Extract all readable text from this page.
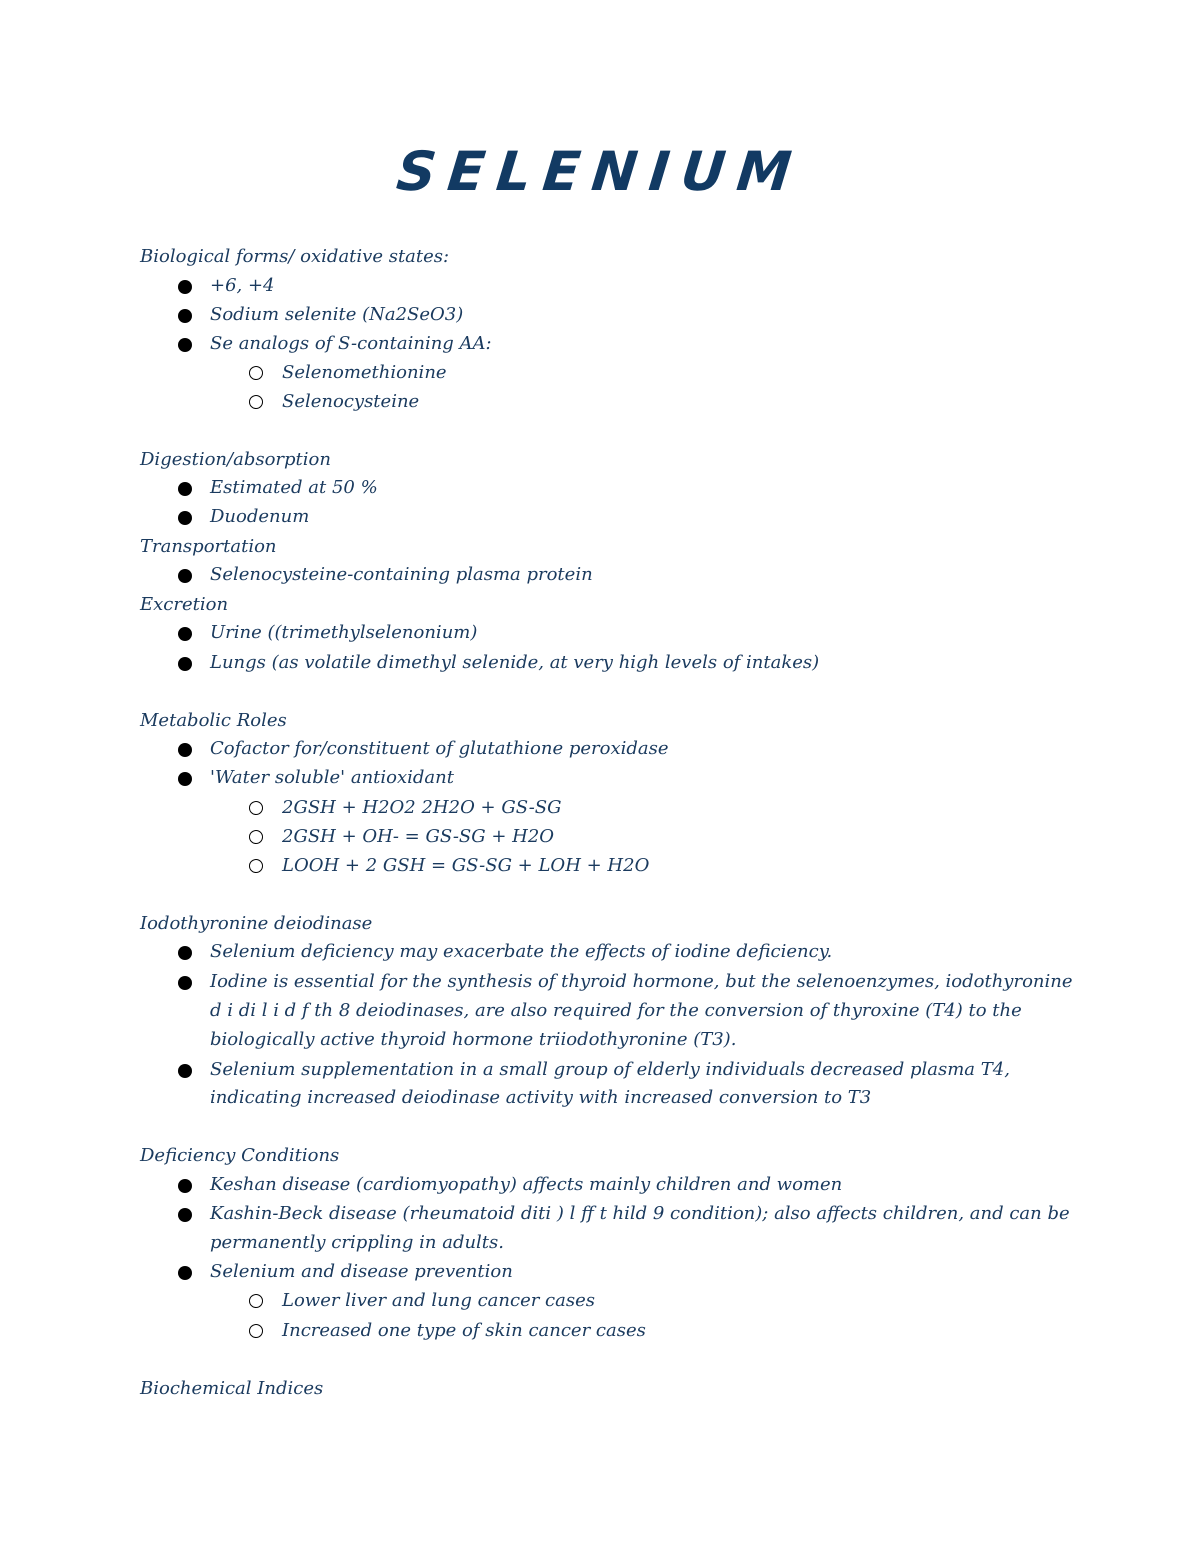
SELENIUM
Biological forms/ oxidative states:
+6, +4
Sodium selenite (Na2SeO3)
Se analogs of S-containing AA:
Selenomethionine
Selenocysteine
Digestion/absorption
Estimated at 50 %
Duodenum
Transportation
Selenocysteine-containing plasma protein
Excretion
Urine ((trimethylselenonium)
Lungs (as volatile dimethyl selenide, at very high levels of intakes)
Metabolic Roles
Cofactor for/constituent of glutathione peroxidase
'Water soluble' antioxidant
2GSH + H2O2 2H2O + GS-SG
2GSH + OH- = GS-SG + H2O
LOOH + 2 GSH = GS-SG + LOH + H2O
Iodothyronine deiodinase
Selenium deficiency may exacerbate the effects of iodine deficiency.
Iodine is essential for the synthesis of thyroid hormone, but the selenoenzymes, iodothyronine
d i di l i d f th 8 deiodinases, are also required for the conversion of thyroxine (T4) to the
biologically active thyroid hormone triiodothyronine (T3).
Selenium supplementation in a small group of elderly individuals decreased plasma T4,
indicating increased deiodinase activity with increased conversion to T3
Deficiency Conditions
Keshan disease (cardiomyopathy) affects mainly children and women
Kashin-Beck disease (rheumatoid diti ) l ff t hild 9 condition); also affects children, and can be
permanently crippling in adults.
Selenium and disease prevention
Lower liver and lung cancer cases
Increased one type of skin cancer cases
Biochemical Indices
